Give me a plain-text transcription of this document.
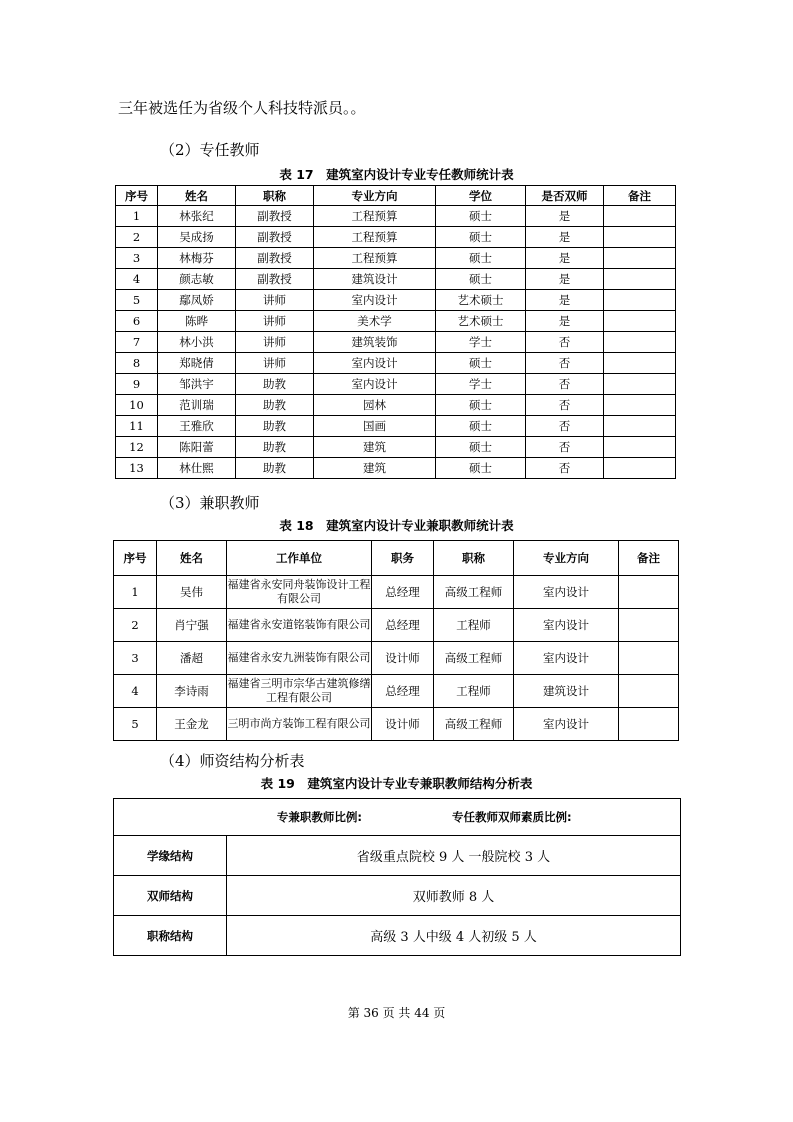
三年被选任为省级个人科技特派员。。
（2）专任教师
表 17　建筑室内设计专业专任教师统计表
序号	姓名	职称	专业方向	学位	是否双师	备注
1	林张纪	副教授	工程预算	硕士	是	
2	吴成扬	副教授	工程预算	硕士	是	
3	林梅芬	副教授	工程预算	硕士	是	
4	颜志敏	副教授	建筑设计	硕士	是	
5	鄢凤娇	讲师	室内设计	艺术硕士	是	
6	陈晔	讲师	美术学	艺术硕士	是	
7	林小洪	讲师	建筑装饰	学士	否	
8	郑晓倩	讲师	室内设计	硕士	否	
9	邹洪宇	助教	室内设计	学士	否	
10	范训瑞	助教	园林	硕士	否	
11	王雅欣	助教	国画	硕士	否	
12	陈阳蕾	助教	建筑	硕士	否	
13	林仕熙	助教	建筑	硕士	否	
（3）兼职教师
表 18　建筑室内设计专业兼职教师统计表
序号	姓名	工作单位	职务	职称	专业方向	备注
1	吴伟	福建省永安同舟装饰设计工程有限公司	总经理	高级工程师	室内设计	
2	肖宁强	福建省永安道铭装饰有限公司	总经理	工程师	室内设计	
3	潘超	福建省永安九洲装饰有限公司	设计师	高级工程师	室内设计	
4	李诗雨	福建省三明市宗华古建筑修缮工程有限公司	总经理	工程师	建筑设计	
5	王金龙	三明市尚方装饰工程有限公司	设计师	高级工程师	室内设计	
（4）师资结构分析表
表 19　建筑室内设计专业专兼职教师结构分析表
专兼职教师比例: 专任教师双师素质比例:	
学缘结构	省级重点院校 9 人 一般院校 3 人
双师结构	双师教师 8 人
职称结构	高级 3 人中级 4 人初级 5 人
第 36 页 共 44 页
